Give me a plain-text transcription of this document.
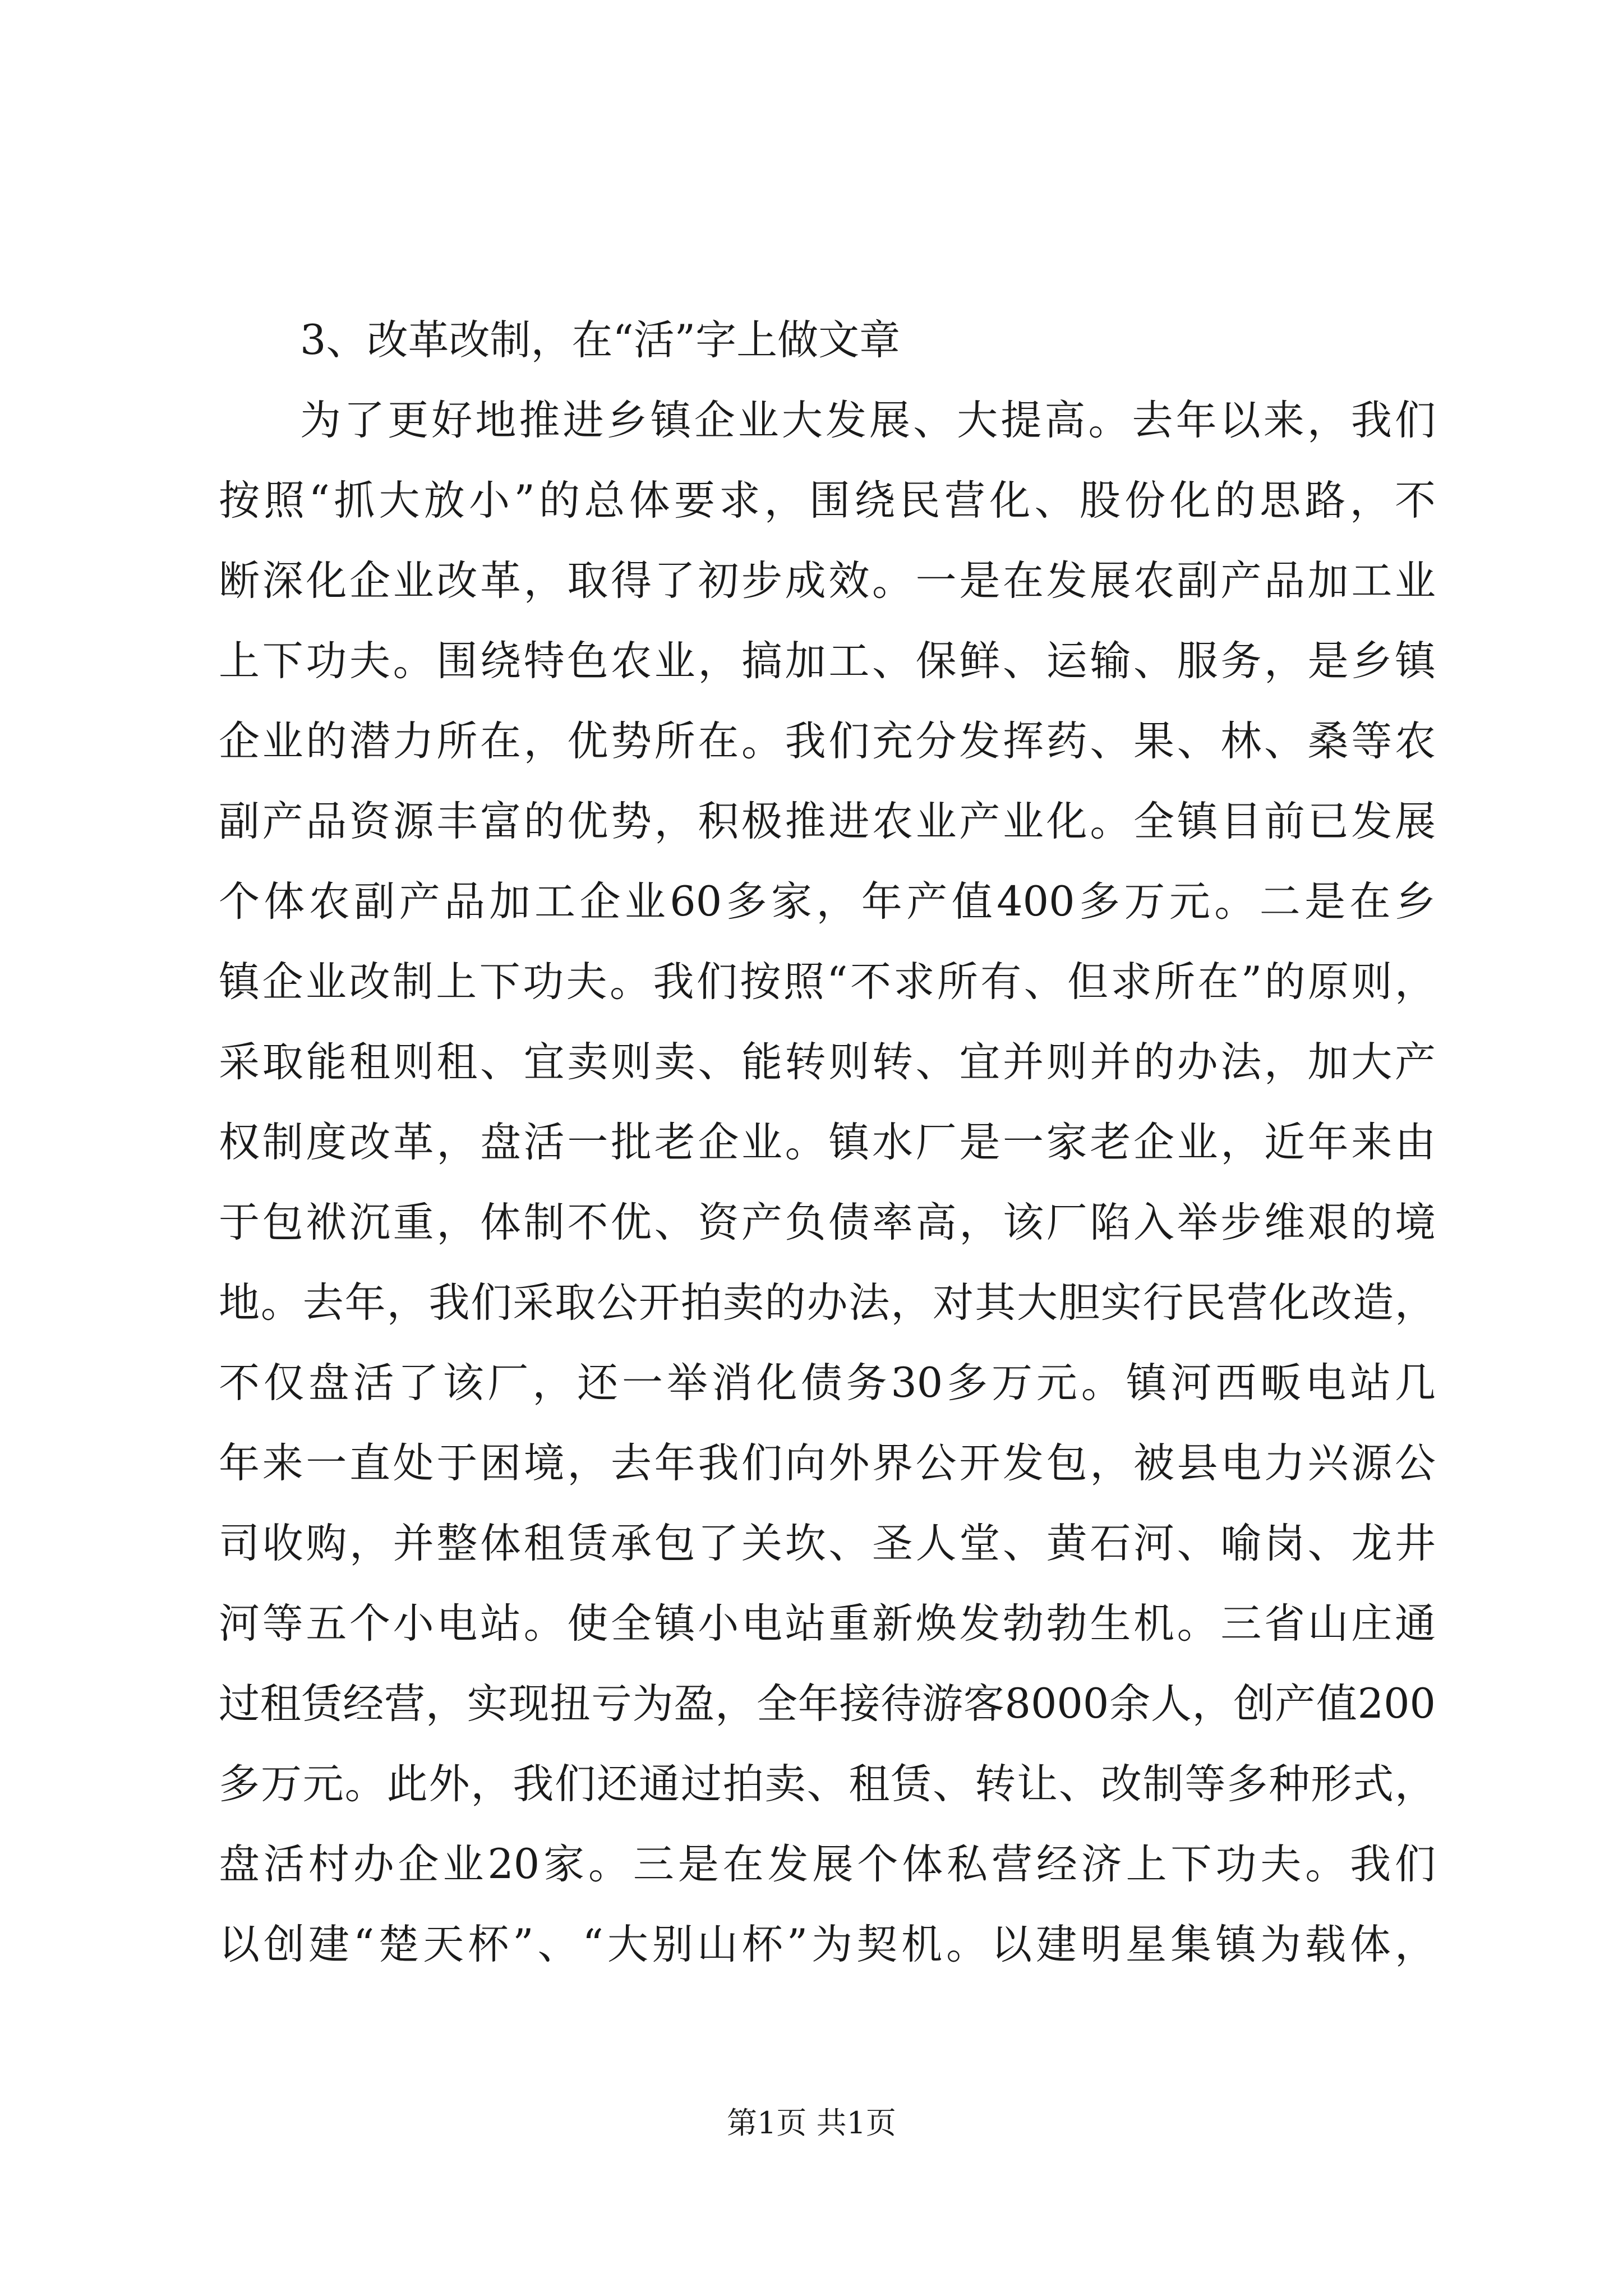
3、改革改制，在“活”字上做文章
为了更好地推进乡镇企业大发展、大提高。去年以来，我们
按照“抓大放小”的总体要求，围绕民营化、股份化的思路，不
断深化企业改革，取得了初步成效。一是在发展农副产品加工业
上下功夫。围绕特色农业，搞加工、保鲜、运输、服务，是乡镇
企业的潜力所在，优势所在。我们充分发挥药、果、林、桑等农
副产品资源丰富的优势，积极推进农业产业化。全镇目前已发展
个体农副产品加工企业60多家，年产值400多万元。二是在乡
镇企业改制上下功夫。我们按照“不求所有、但求所在”的原则，
采取能租则租、宜卖则卖、能转则转、宜并则并的办法，加大产
权制度改革，盘活一批老企业。镇水厂是一家老企业，近年来由
于包袱沉重，体制不优、资产负债率高，该厂陷入举步维艰的境
地。去年，我们采取公开拍卖的办法，对其大胆实行民营化改造，
不仅盘活了该厂，还一举消化债务30多万元。镇河西畈电站几
年来一直处于困境，去年我们向外界公开发包，被县电力兴源公
司收购，并整体租赁承包了关坎、圣人堂、黄石河、喻岗、龙井
河等五个小电站。使全镇小电站重新焕发勃勃生机。三省山庄通
过租赁经营，实现扭亏为盈，全年接待游客8000余人，创产值200
多万元。此外，我们还通过拍卖、租赁、转让、改制等多种形式，
盘活村办企业20家。三是在发展个体私营经济上下功夫。我们
以创建“楚天杯”、“大别山杯”为契机。以建明星集镇为载体，
第1页 共1页
